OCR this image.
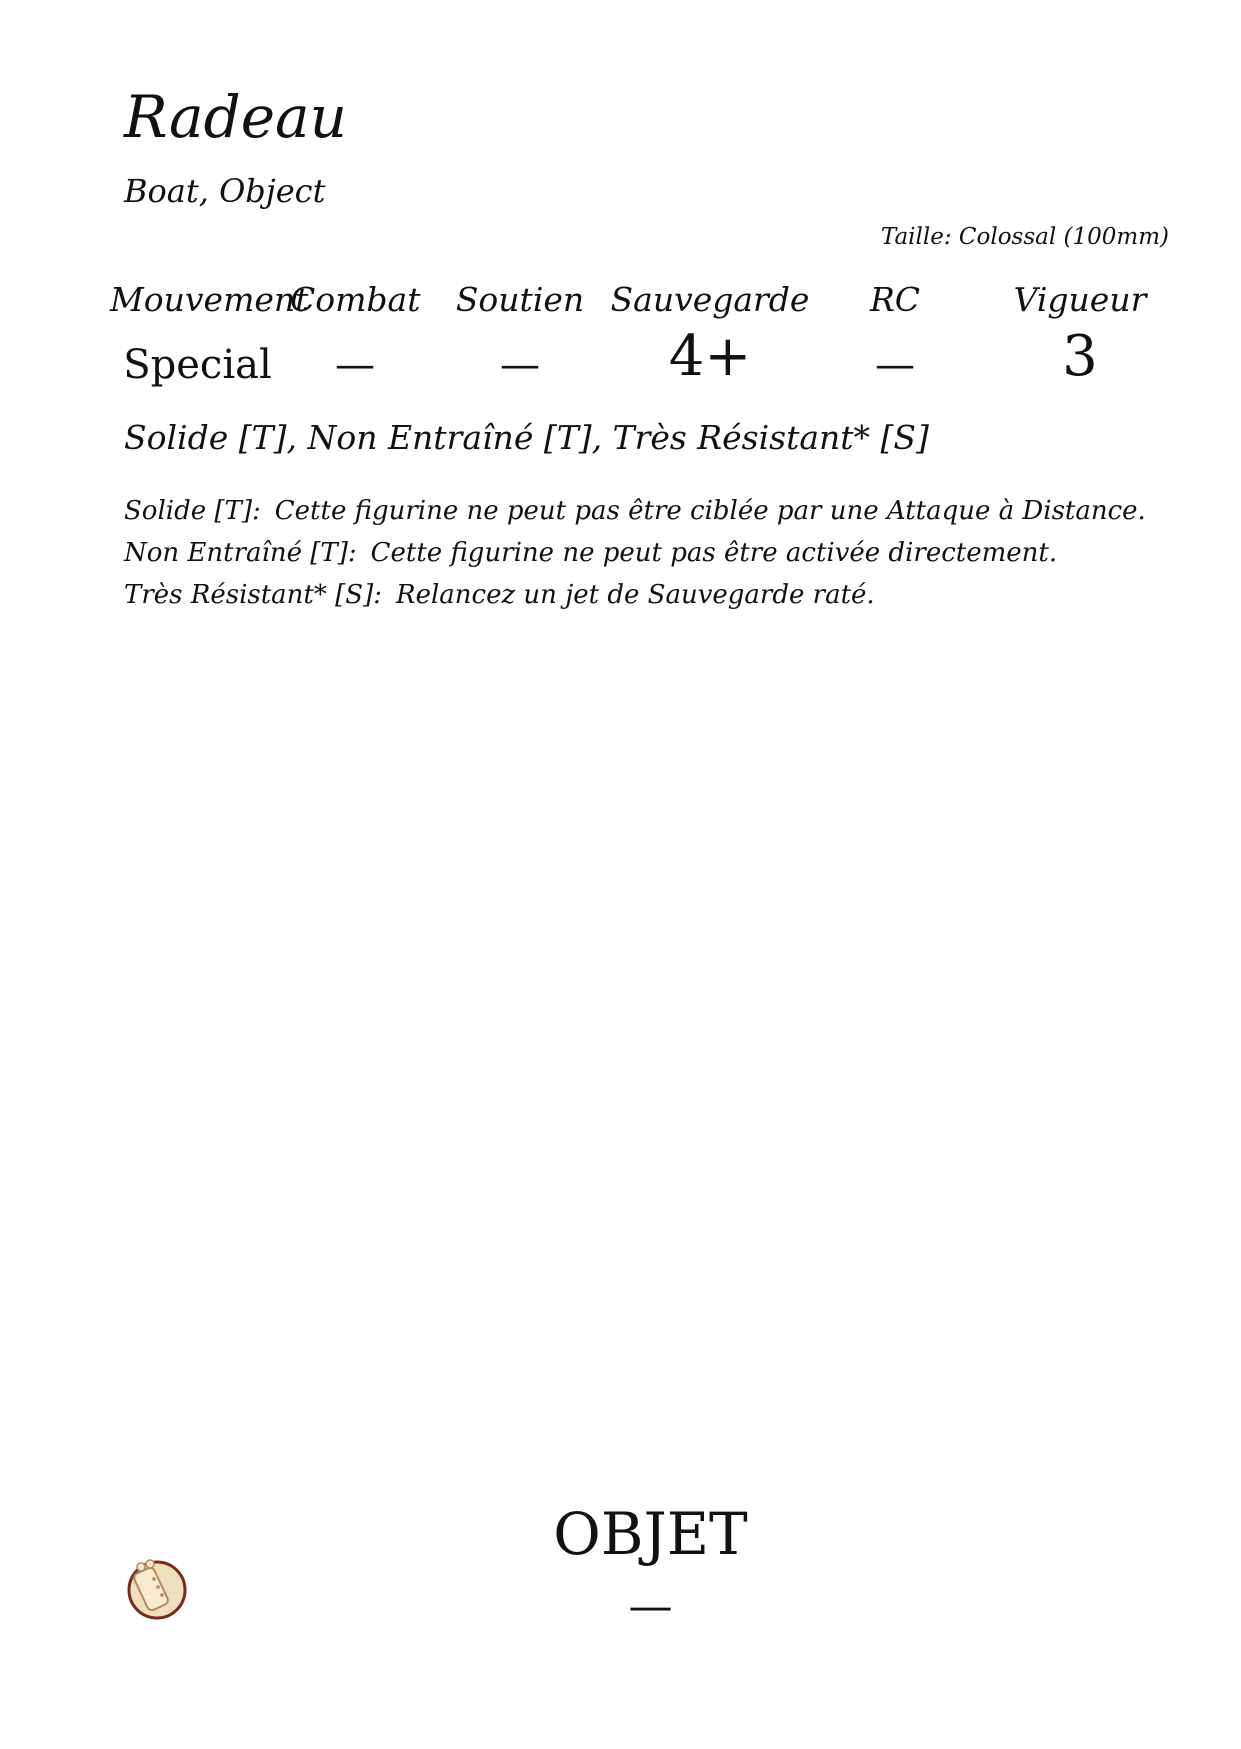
Radeau
Boat, Object
Taille: Colossal (100mm)
Mouvement
Special
Combat
—
Soutien
—
Sauvegarde
4+
RC
—
Vigueur
3
Solide [T], Non Entraîné [T], Très Résistant* [S]
Solide [T]: Cette figurine ne peut pas être ciblée par une Attaque à Distance.
Non Entraîné [T]: Cette figurine ne peut pas être activée directement.
Très Résistant* [S]: Relancez un jet de Sauvegarde raté.
OBJET
—
